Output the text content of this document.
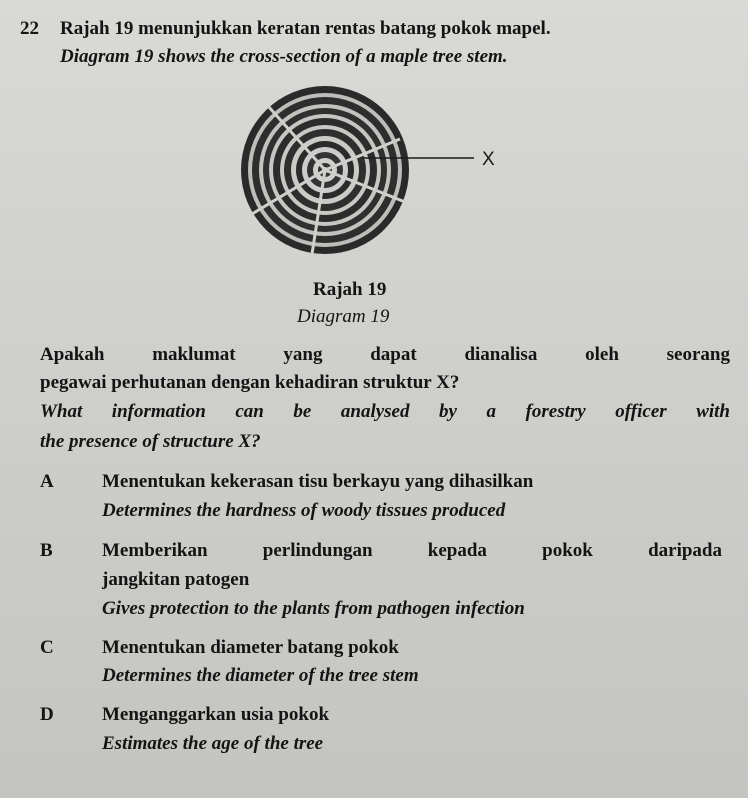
22 Rajah 19 menunjukkan keratan rentas batang pokok mapel.
Diagram 19 shows the cross-section of a maple tree stem.
X
Rajah 19
Diagram 19
Apakah maklumat yang dapat dianalisa oleh seorang
pegawai perhutanan dengan kehadiran struktur X?
What information can be analysed by a forestry officer with
the presence of structure X?
A	Menentukan kekerasan tisu berkayu yang dihasilkan
Determines the hardness of woody tissues produced
B	Memberikan perlindungan kepada pokok daripada
jangkitan patogen
Gives protection to the plants from pathogen infection
C	Menentukan diameter batang pokok
Determines the diameter of the tree stem
D	Menganggarkan usia pokok
Estimates the age of the tree
